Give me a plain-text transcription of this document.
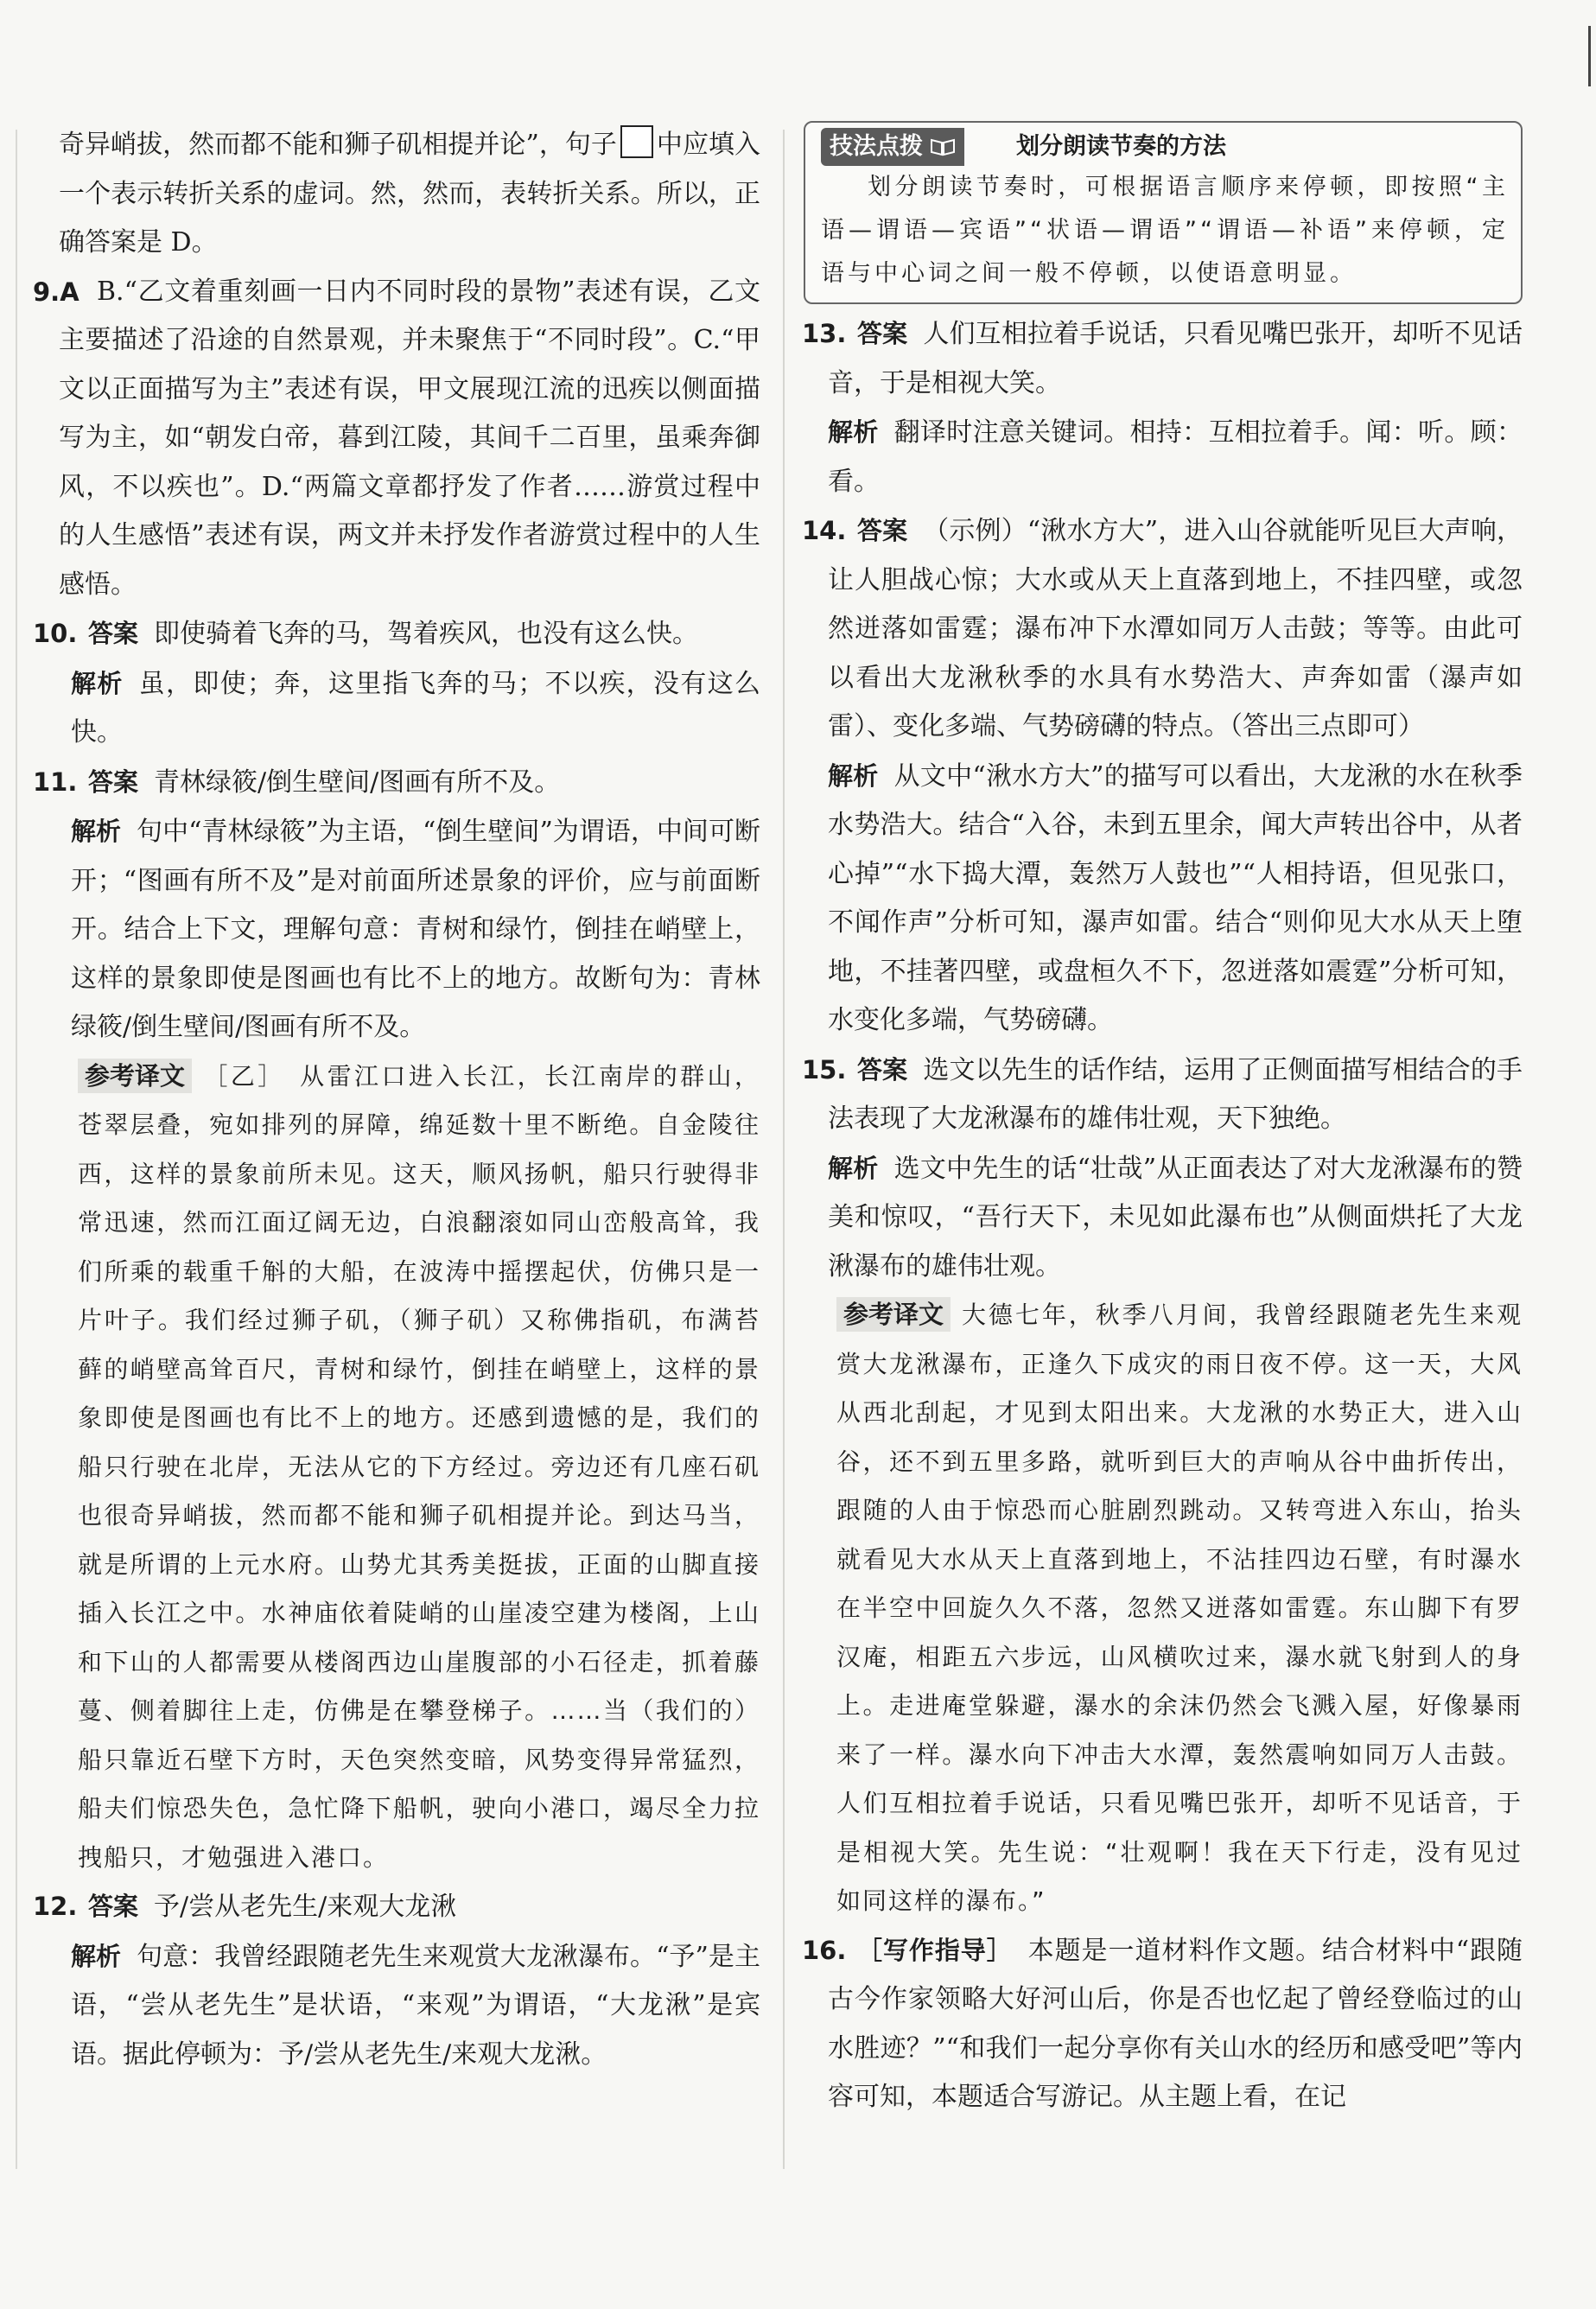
奇异峭拔，然而都不能和狮子矶相提并论”，句子 中应填入一个表示转折关系的虚词。然，然而，表转折关系。所以，正确答案是 D。

9.A B.“乙文着重刻画一日内不同时段的景物”表述有误，乙文主要描述了沿途的自然景观，并未聚焦于“不同时段”。C.“甲文以正面描写为主”表述有误，甲文展现江流的迅疾以侧面描写为主，如“朝发白帝，暮到江陵，其间千二百里，虽乘奔御风，不以疾也”。D.“两篇文章都抒发了作者……游赏过程中的人生感悟”表述有误，两文并未抒发作者游赏过程中的人生感悟。

10. 答案 即使骑着飞奔的马，驾着疾风，也没有这么快。

解析 虽，即使；奔，这里指飞奔的马；不以疾，没有这么快。

11. 答案 青林绿筱/倒生壁间/图画有所不及。

解析 句中“青林绿筱”为主语，“倒生壁间”为谓语，中间可断开；“图画有所不及”是对前面所述景象的评价，应与前面断开。结合上下文，理解句意：青树和绿竹，倒挂在峭壁上，这样的景象即使是图画也有比不上的地方。故断句为：青林绿筱/倒生壁间/图画有所不及。

参考译文 ［乙］　从雷江口进入长江，长江南岸的群山，苍翠层叠，宛如排列的屏障，绵延数十里不断绝。自金陵往西，这样的景象前所未见。这天，顺风扬帆，船只行驶得非常迅速，然而江面辽阔无边，白浪翻滚如同山峦般高耸，我们所乘的载重千斛的大船，在波涛中摇摆起伏，仿佛只是一片叶子。我们经过狮子矶，（狮子矶）又称佛指矶，布满苔藓的峭壁高耸百尺，青树和绿竹，倒挂在峭壁上，这样的景象即使是图画也有比不上的地方。还感到遗憾的是，我们的船只行驶在北岸，无法从它的下方经过。旁边还有几座石矶也很奇异峭拔，然而都不能和狮子矶相提并论。到达马当，就是所谓的上元水府。山势尤其秀美挺拔，正面的山脚直接插入长江之中。水神庙依着陡峭的山崖凌空建为楼阁，上山和下山的人都需要从楼阁西边山崖腹部的小石径走，抓着藤蔓、侧着脚往上走，仿佛是在攀登梯子。……当（我们的）船只靠近石壁下方时，天色突然变暗，风势变得异常猛烈，船夫们惊恐失色，急忙降下船帆，驶向小港口，竭尽全力拉拽船只，才勉强进入港口。

12. 答案 予/尝从老先生/来观大龙湫

解析 句意：我曾经跟随老先生来观赏大龙湫瀑布。“予”是主语，“尝从老先生”是状语，“来观”为谓语，“大龙湫”是宾语。据此停顿为：予/尝从老先生/来观大龙湫。

技法点拨	划分朗读节奏的方法

划分朗读节奏时，可根据语言顺序来停顿，即按照“主语—谓语—宾语”“状语—谓语”“谓语—补语”来停顿，定语与中心词之间一般不停顿，以使语意明显。

13. 答案 人们互相拉着手说话，只看见嘴巴张开，却听不见话音，于是相视大笑。

解析 翻译时注意关键词。相持：互相拉着手。闻：听。顾：看。

14. 答案 （示例）“湫水方大”，进入山谷就能听见巨大声响，让人胆战心惊；大水或从天上直落到地上，不挂四壁，或忽然迸落如雷霆；瀑布冲下水潭如同万人击鼓；等等。由此可以看出大龙湫秋季的水具有水势浩大、声奔如雷（瀑声如雷）、变化多端、气势磅礴的特点。（答出三点即可）

解析 从文中“湫水方大”的描写可以看出，大龙湫的水在秋季水势浩大。结合“入谷，未到五里余，闻大声转出谷中，从者心掉”“水下捣大潭，轰然万人鼓也”“人相持语，但见张口，不闻作声”分析可知，瀑声如雷。结合“则仰见大水从天上堕地，不挂著四壁，或盘桓久不下，忽迸落如震霆”分析可知，水变化多端，气势磅礴。

15. 答案 选文以先生的话作结，运用了正侧面描写相结合的手法表现了大龙湫瀑布的雄伟壮观，天下独绝。

解析 选文中先生的话“壮哉”从正面表达了对大龙湫瀑布的赞美和惊叹，“吾行天下，未见如此瀑布也”从侧面烘托了大龙湫瀑布的雄伟壮观。

参考译文 大德七年，秋季八月间，我曾经跟随老先生来观赏大龙湫瀑布，正逢久下成灾的雨日夜不停。这一天，大风从西北刮起，才见到太阳出来。大龙湫的水势正大，进入山谷，还不到五里多路，就听到巨大的声响从谷中曲折传出，跟随的人由于惊恐而心脏剧烈跳动。又转弯进入东山，抬头就看见大水从天上直落到地上，不沾挂四边石壁，有时瀑水在半空中回旋久久不落，忽然又迸落如雷霆。东山脚下有罗汉庵，相距五六步远，山风横吹过来，瀑水就飞射到人的身上。走进庵堂躲避，瀑水的余沫仍然会飞溅入屋，好像暴雨来了一样。瀑水向下冲击大水潭，轰然震响如同万人击鼓。人们互相拉着手说话，只看见嘴巴张开，却听不见话音，于是相视大笑。先生说：“壮观啊！我在天下行走，没有见过如同这样的瀑布。”

16. ［写作指导］ 本题是一道材料作文题。结合材料中“跟随古今作家领略大好河山后，你是否也忆起了曾经登临过的山水胜迹？”“和我们一起分享你有关山水的经历和感受吧”等内容可知，本题适合写游记。从主题上看，在记
